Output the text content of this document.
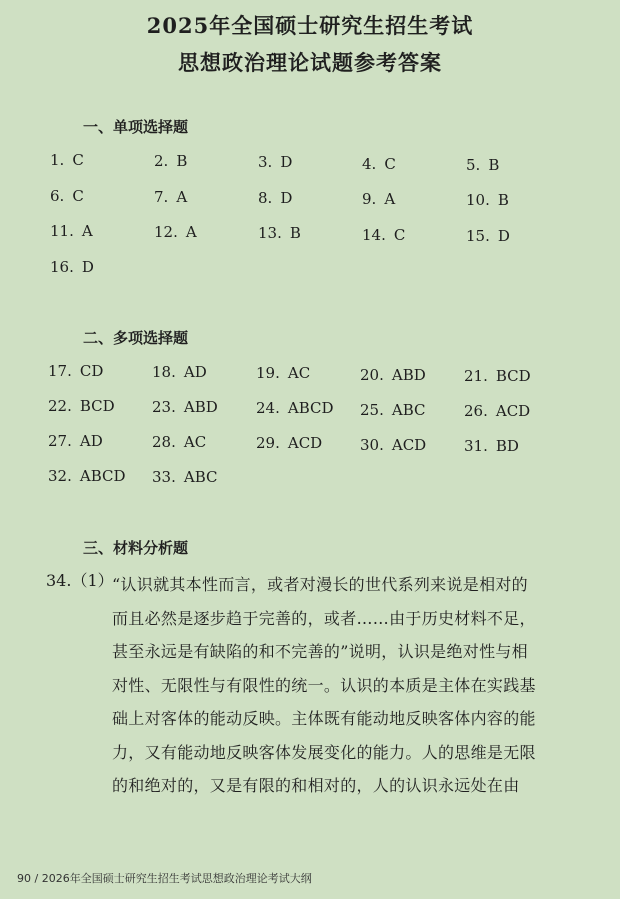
2025年全国硕士研究生招生考试
思想政治理论试题参考答案
一、单项选择题
1. C	2. B	3. D	4. C	5. B
6. C	7. A	8. D	9. A	10. B
11. A	12. A	13. B	14. C	15. D
16. D
二、多项选择题
17. CD	18. AD	19. AC	20. ABD	21. BCD
22. BCD 23. ABD	24. ABCD 25. ABC	26. ACD
27. AD	28. AC	29. ACD	30. ACD	31. BD
32. ABCD 33. ABC
三、材料分析题
34.（1）
“认识就其本性而言，或者对漫长的世代系列来说是相对的
而且必然是逐步趋于完善的，或者……由于历史材料不足，
甚至永远是有缺陷的和不完善的”说明，认识是绝对性与相
对性、无限性与有限性的统一。认识的本质是主体在实践基
础上对客体的能动反映。主体既有能动地反映客体内容的能
力，又有能动地反映客体发展变化的能力。人的思维是无限
的和绝对的，又是有限的和相对的，人的认识永远处在由
90 / 2026年全国硕士研究生招生考试思想政治理论考试大纲
